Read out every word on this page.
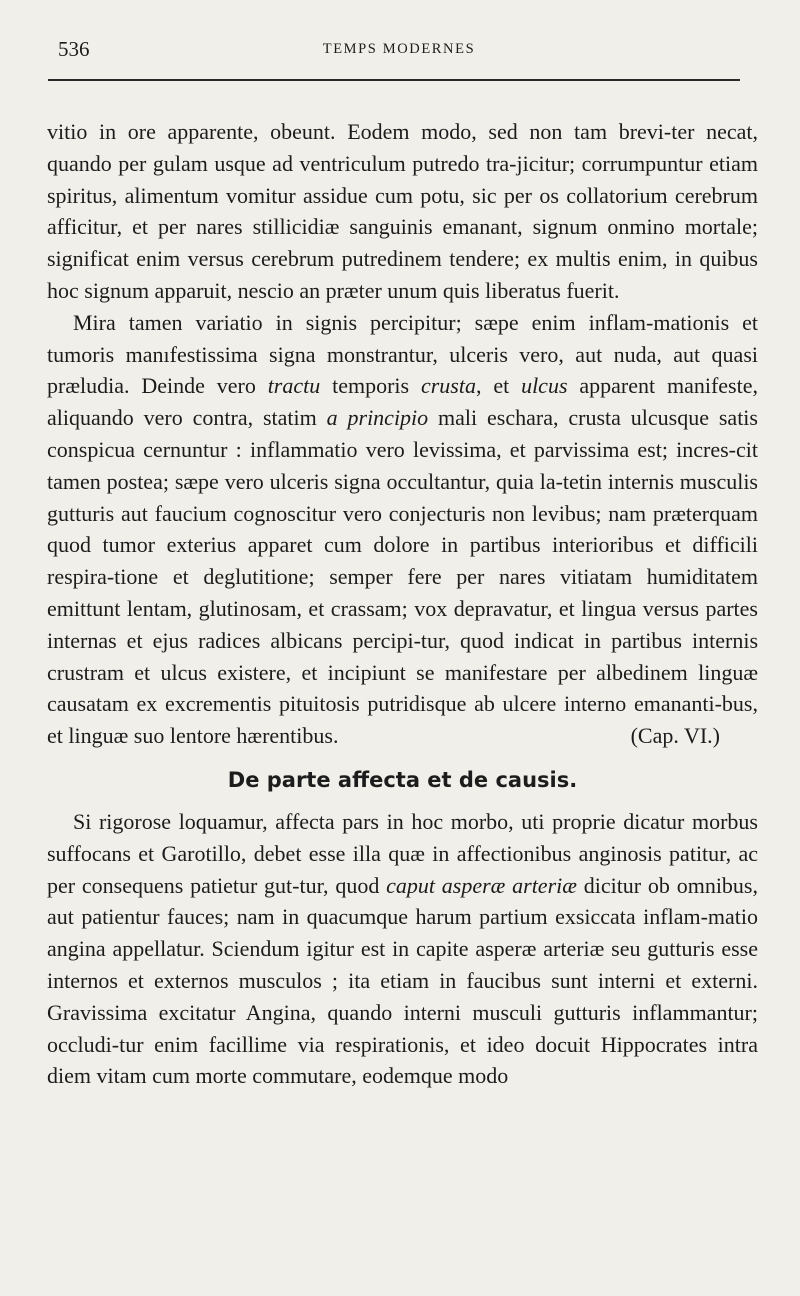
536	TEMPS MODERNES

vitio in ore apparente, obeunt. Eodem modo, sed non tam brevi-ter necat, quando per gulam usque ad ventriculum putredo tra-jicitur; corrumpuntur etiam spiritus, alimentum vomitur assidue cum potu, sic per os collatorium cerebrum afficitur, et per nares stillicidiæ sanguinis emanant, signum onmino mortale; significat enim versus cerebrum putredinem tendere; ex multis enim, in quibus hoc signum apparuit, nescio an præter unum quis liberatus fuerit.

Mira tamen variatio in signis percipitur; sæpe enim inflam-mationis et tumoris manıfestissima signa monstrantur, ulceris vero, aut nuda, aut quasi præludia. Deinde vero tractu temporis crusta, et ulcus apparent manifeste, aliquando vero contra, statim a principio mali eschara, crusta ulcusque satis conspicua cernuntur : inflammatio vero levissima, et parvissima est; incres-cit tamen postea; sæpe vero ulceris signa occultantur, quia la-tetin internis musculis gutturis aut faucium cognoscitur vero conjecturis non levibus; nam præterquam quod tumor exterius apparet cum dolore in partibus interioribus et difficili respira-tione et deglutitione; semper fere per nares vitiatam humiditatem emittunt lentam, glutinosam, et crassam; vox depravatur, et lingua versus partes internas et ejus radices albicans percipi-tur, quod indicat in partibus internis crustram et ulcus existere, et incipiunt se manifestare per albedinem linguæ causatam ex excrementis pituitosis putridisque ab ulcere interno emananti-bus, et linguæ suo lentore hærentibus.	(Cap. VI.)

De parte affecta et de causis.

Si rigorose loquamur, affecta pars in hoc morbo, uti proprie dicatur morbus suffocans et Garotillo, debet esse illa quæ in affectionibus anginosis patitur, ac per consequens patietur gut-tur, quod caput asperæ arteriæ dicitur ob omnibus, aut patientur fauces; nam in quacumque harum partium exsiccata inflam-matio angina appellatur. Sciendum igitur est in capite asperæ arteriæ seu gutturis esse internos et externos musculos ; ita etiam in faucibus sunt interni et externi. Gravissima excitatur Angina, quando interni musculi gutturis inflammantur; occludi-tur enim facillime via respirationis, et ideo docuit Hippocrates intra diem vitam cum morte commutare, eodemque modo
